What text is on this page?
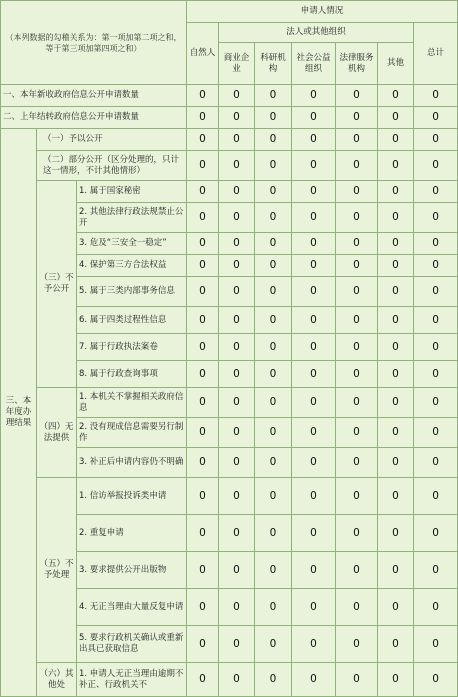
（本列数据的勾稽关系为：第一项加第二项之和，等于第三项加第四项之和）			申请人情况						
			自然人	法人或其他组织					总计
				商业企业	科研机构	社会公益组织	法律服务机构	其他	
一、本年新收政府信息公开申请数量			0	0	0	0	0	0	0
二、上年结转政府信息公开申请数量			0	0	0	0	0	0	0
三、本年度办理结果	（一）予以公开		0	0	0	0	0	0	0
	（二）部分公开（区分处理的，只计这一情形，不计其他情形）		0	0	0	0	0	0	0
	（三）不予公开	1. 属于国家秘密	0	0	0	0	0	0	0
		2. 其他法律行政法规禁止公开	0	0	0	0	0	0	0
		3. 危及“三安全一稳定”	0	0	0	0	0	0	0
		4. 保护第三方合法权益	0	0	0	0	0	0	0
		5. 属于三类内部事务信息	0	0	0	0	0	0	0
		6. 属于四类过程性信息	0	0	0	0	0	0	0
		7. 属于行政执法案卷	0	0	0	0	0	0	0
		8. 属于行政查询事项	0	0	0	0	0	0	0
	（四）无法提供	1. 本机关不掌握相关政府信息	0	0	0	0	0	0	0
		2. 没有现成信息需要另行制作	0	0	0	0	0	0	0
		3. 补正后申请内容仍不明确	0	0	0	0	0	0	0
	（五）不予处理	1. 信访举报投诉类申请	0	0	0	0	0	0	0
		2. 重复申请	0	0	0	0	0	0	0
		3. 要求提供公开出版物	0	0	0	0	0	0	0
		4. 无正当理由大量反复申请	0	0	0	0	0	0	0
		5. 要求行政机关确认或重新出具已获取信息	0	0	0	0	0	0	0
	（六）其他处	1. 申请人无正当理由逾期不补正、行政机关不	0	0	0	0	0	0	0
